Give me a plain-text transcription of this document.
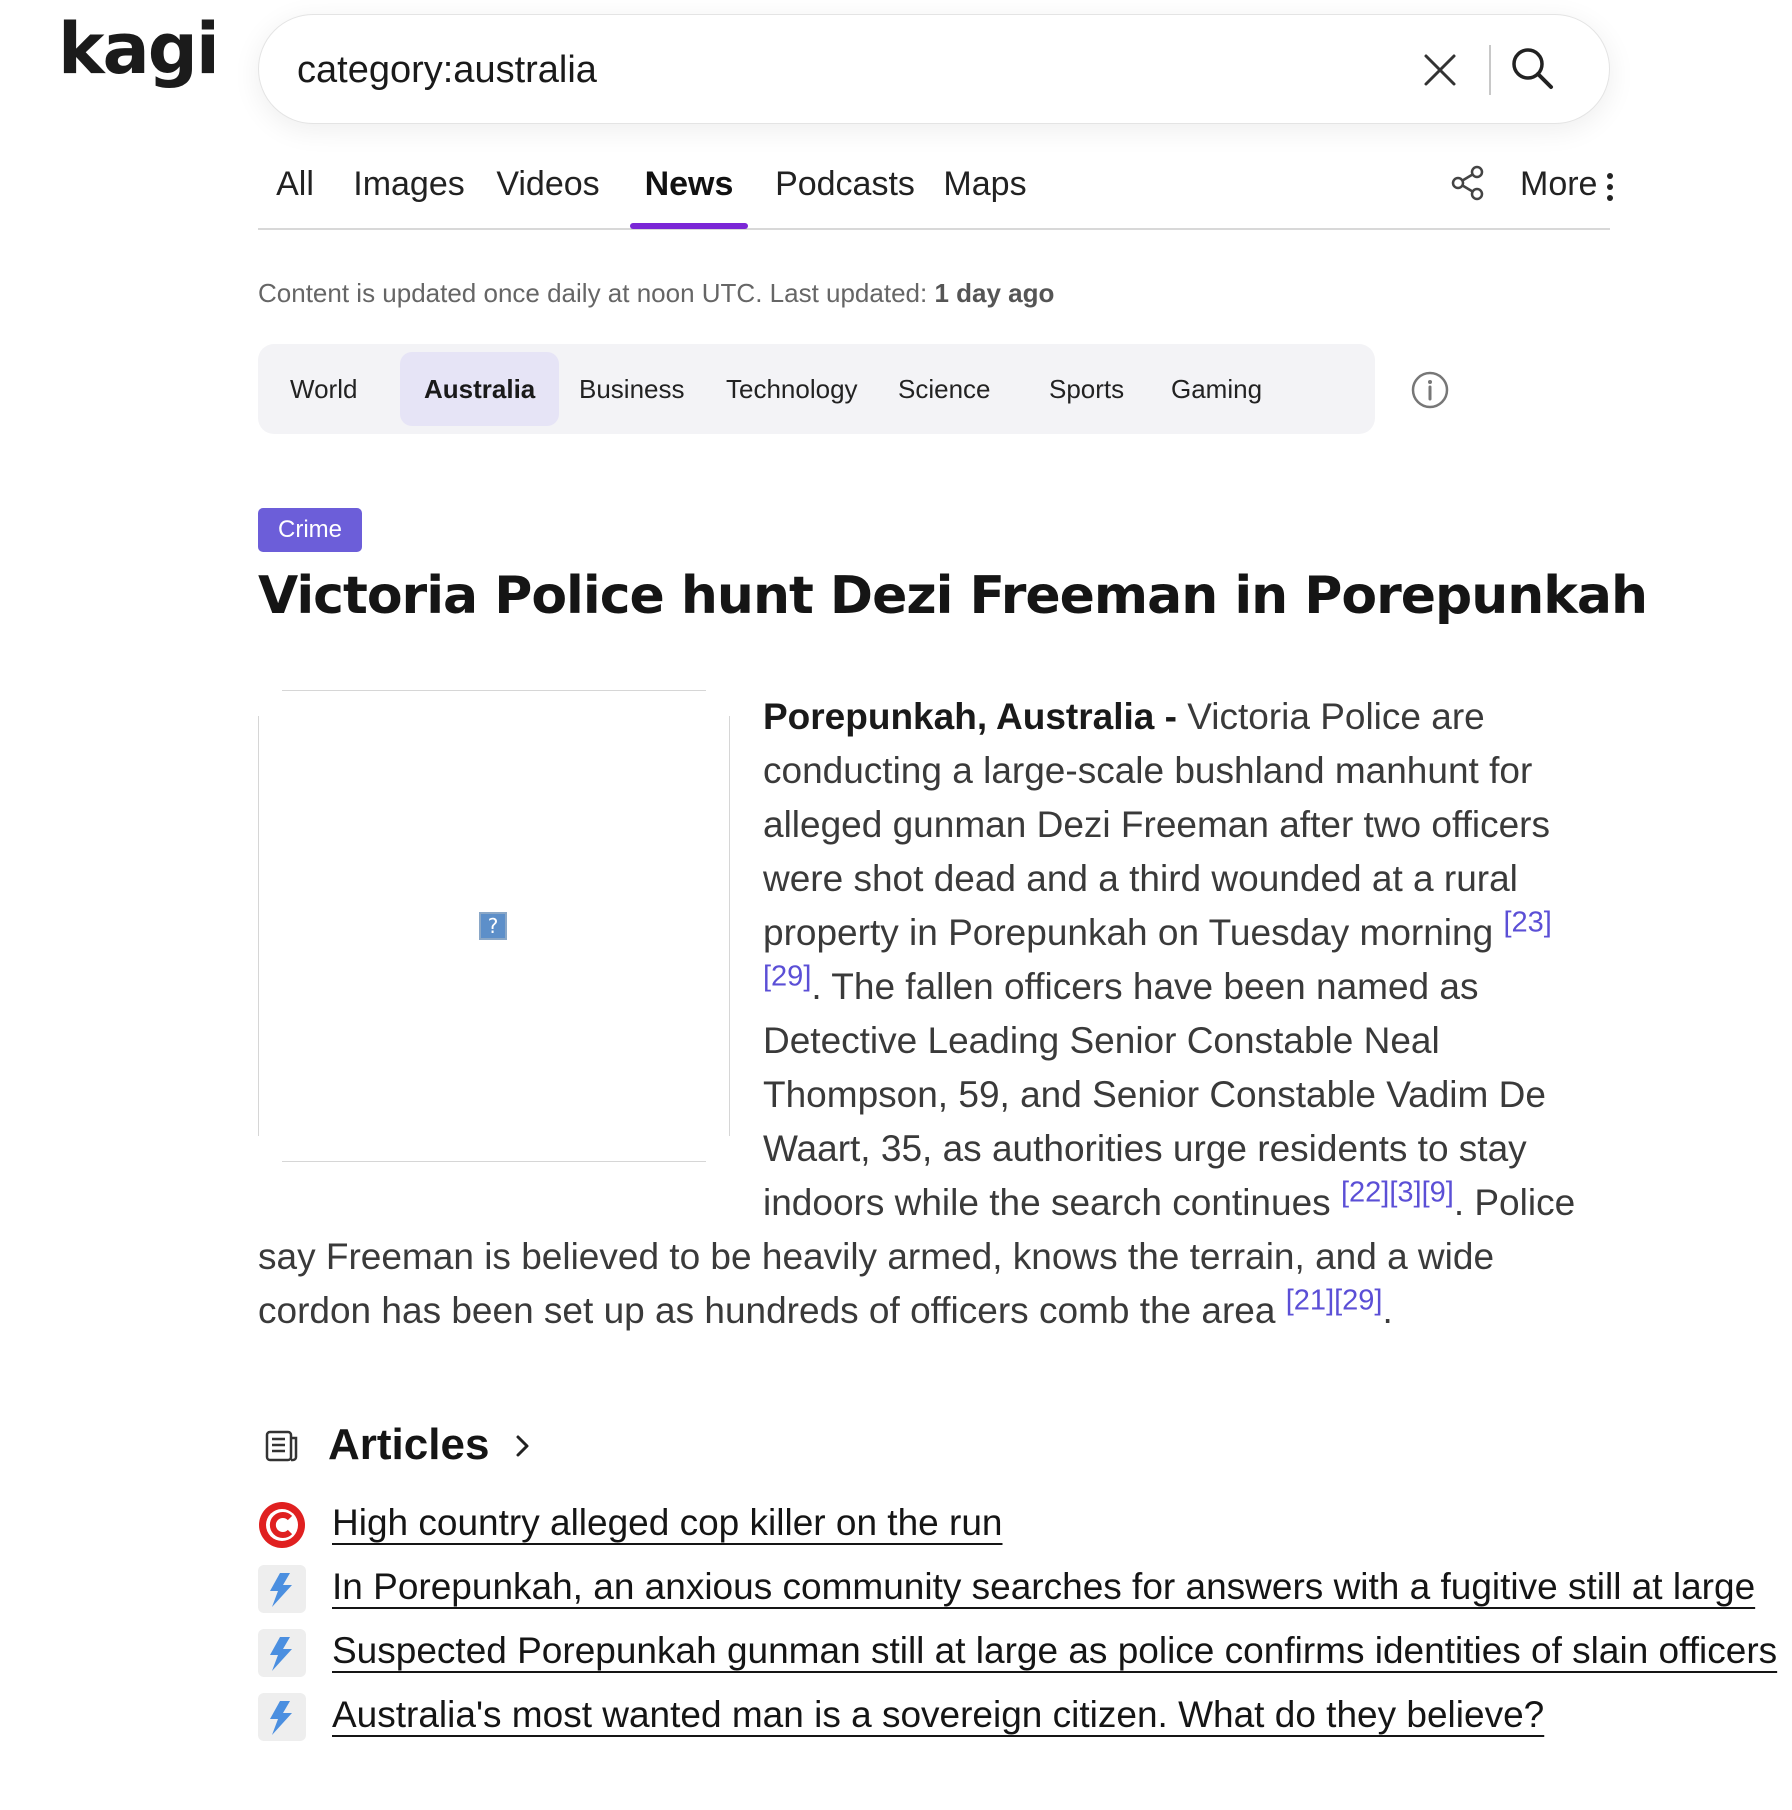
kagi
category:australia
All Images Videos	News	Podcasts Maps	More
Content is updated once daily at noon UTC. Last updated: 1 day ago
World	Australia	Business	Technology	Science	Sports	Gaming
Crime
Victoria Police hunt Dezi Freeman in Porepunkah
?

Porepunkah, Australia - Victoria Police are conducting a large-scale bushland manhunt for alleged gunman Dezi Freeman after two officers were shot dead and a third wounded at a rural property in Porepunkah on Tuesday morning [23][29]. The fallen officers have been named as Detective Leading Senior Constable Neal Thompson, 59, and Senior Constable Vadim De Waart, 35, as authorities urge residents to stay indoors while the search continues [22][3][9]. Police say Freeman is believed to be heavily armed, knows the terrain, and a wide cordon has been set up as hundreds of officers comb the area [21][29].

Articles
High country alleged cop killer on the run
In Porepunkah, an anxious community searches for answers with a fugitive still at large
Suspected Porepunkah gunman still at large as police confirms identities of slain officers
Australia's most wanted man is a sovereign citizen. What do they believe?
